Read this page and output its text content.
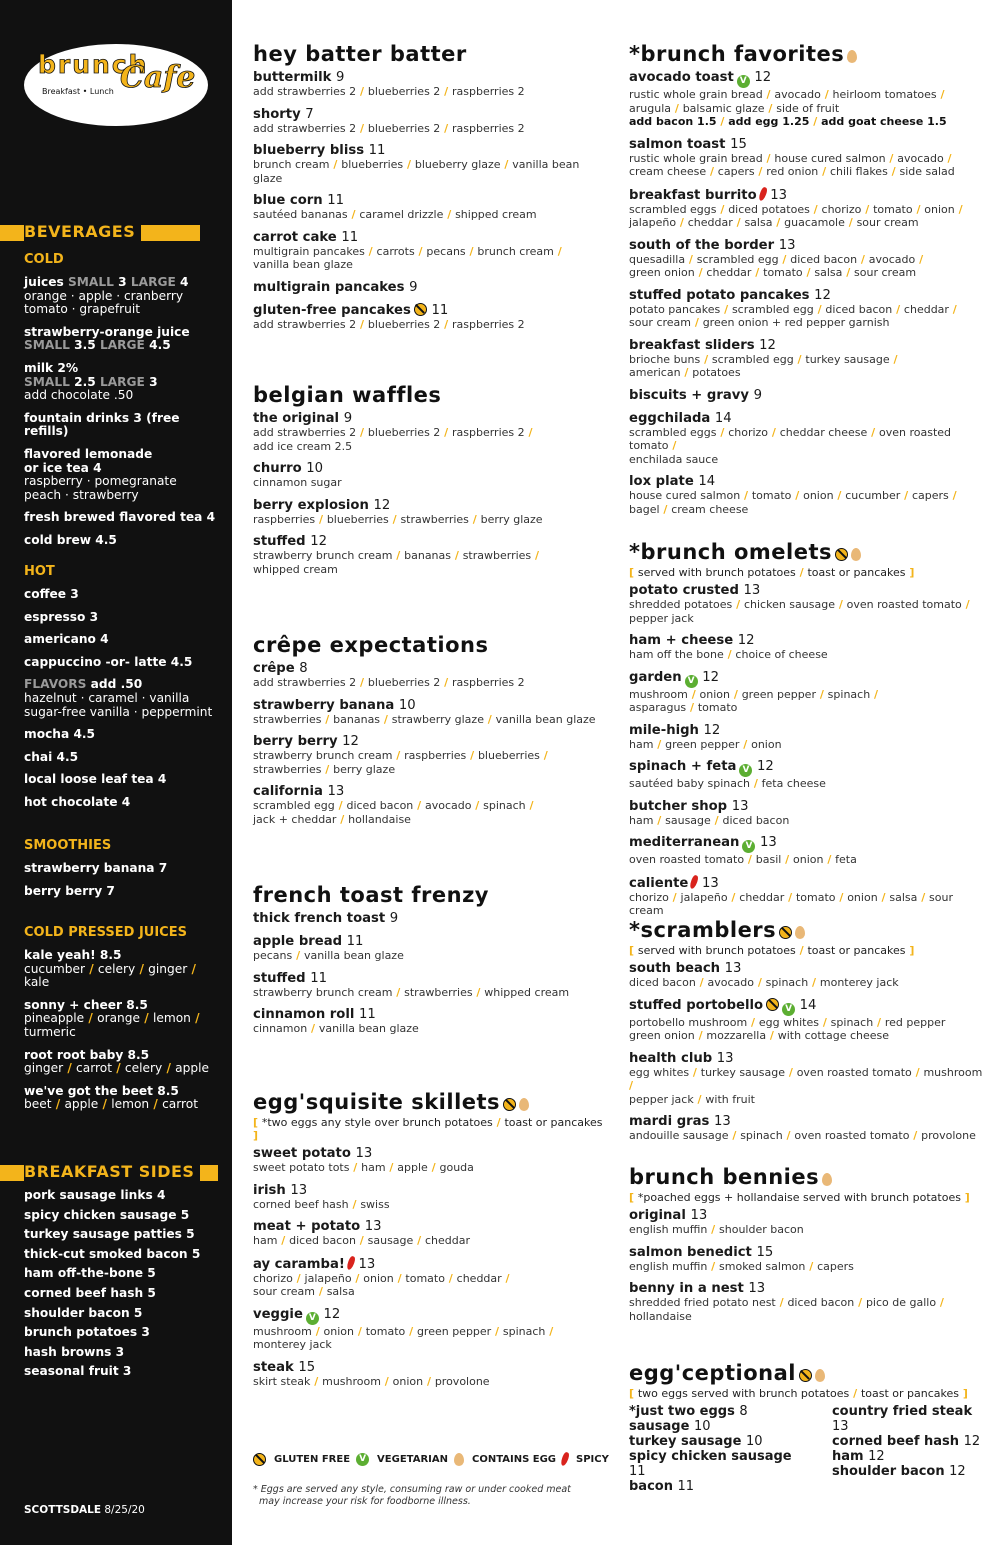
brunch
Cafe
Breakfast • Lunch
BEVERAGES
COLD
juices SMALL 3 LARGE 4
orange · apple · cranberry
tomato · grapefruit
strawberry-orange juice
SMALL 3.5 LARGE 4.5
milk 2%
SMALL 2.5 LARGE 3
add chocolate .50
fountain drinks 3 (free refills)
flavored lemonade
or ice tea 4
raspberry · pomegranate
peach · strawberry
fresh brewed flavored tea 4
cold brew 4.5
HOT
coffee 3
espresso 3
americano 4
cappuccino -or- latte 4.5
FLAVORS add .50
hazelnut · caramel · vanilla
sugar-free vanilla · peppermint
mocha 4.5
chai 4.5
local loose leaf tea 4
hot chocolate 4
SMOOTHIES
strawberry banana 7
berry berry 7
COLD PRESSED JUICES
kale yeah! 8.5
cucumber / celery / ginger /
kale
sonny + cheer 8.5
pineapple / orange / lemon /
turmeric
root root baby 8.5
ginger / carrot / celery / apple
we've got the beet 8.5
beet / apple / lemon / carrot
BREAKFAST SIDES
pork sausage links 4
spicy chicken sausage 5
turkey sausage patties 5
thick-cut smoked bacon 5
ham off-the-bone 5
corned beef hash 5
shoulder bacon 5
brunch potatoes 3
hash browns 3
seasonal fruit 3
SCOTTSDALE 8/25/20
hey batter batter
buttermilk 9
add strawberries 2 / blueberries 2 / raspberries 2
shorty 7
add strawberries 2 / blueberries 2 / raspberries 2
blueberry bliss 11
brunch cream / blueberries / blueberry glaze / vanilla bean glaze
blue corn 11
sautéed bananas / caramel drizzle / shipped cream
carrot cake 11
multigrain pancakes / carrots / pecans / brunch cream /
vanilla bean glaze
multigrain pancakes 9
gluten-free pancakes 11
add strawberries 2 / blueberries 2 / raspberries 2
belgian waffles
the original 9
add strawberries 2 / blueberries 2 / raspberries 2 /
add ice cream 2.5
churro 10
cinnamon sugar
berry explosion 12
raspberries / blueberries / strawberries / berry glaze
stuffed 12
strawberry brunch cream / bananas / strawberries /
whipped cream
crêpe expectations
crêpe 8
add strawberries 2 / blueberries 2 / raspberries 2
strawberry banana 10
strawberries / bananas / strawberry glaze / vanilla bean glaze
berry berry 12
strawberry brunch cream / raspberries / blueberries /
strawberries / berry glaze
california 13
scrambled egg / diced bacon / avocado / spinach /
jack + cheddar / hollandaise
french toast frenzy
thick french toast 9
apple bread 11
pecans / vanilla bean glaze
stuffed 11
strawberry brunch cream / strawberries / whipped cream
cinnamon roll 11
cinnamon / vanilla bean glaze
egg'squisite skillets
[ *two eggs any style over brunch potatoes / toast or pancakes ]
sweet potato 13
sweet potato tots / ham / apple / gouda
irish 13
corned beef hash / swiss
meat + potato 13
ham / diced bacon / sausage / cheddar
ay caramba! 13
chorizo / jalapeño / onion / tomato / cheddar /
sour cream / salsa
veggie V 12
mushroom / onion / tomato / green pepper / spinach /
monterey jack
steak 15
skirt steak / mushroom / onion / provolone
*brunch favorites
avocado toast V 12
rustic whole grain bread / avocado / heirloom tomatoes /
arugula / balsamic glaze / side of fruit
add bacon 1.5 / add egg 1.25 / add goat cheese 1.5
salmon toast 15
rustic whole grain bread / house cured salmon / avocado /
cream cheese / capers / red onion / chili flakes / side salad
breakfast burrito 13
scrambled eggs / diced potatoes / chorizo / tomato / onion /
jalapeño / cheddar / salsa / guacamole / sour cream
south of the border 13
quesadilla / scrambled egg / diced bacon / avocado /
green onion / cheddar / tomato / salsa / sour cream
stuffed potato pancakes 12
potato pancakes / scrambled egg / diced bacon / cheddar /
sour cream / green onion + red pepper garnish
breakfast sliders 12
brioche buns / scrambled egg / turkey sausage /
american / potatoes
biscuits + gravy 9
eggchilada 14
scrambled eggs / chorizo / cheddar cheese / oven roasted tomato /
enchilada sauce
lox plate 14
house cured salmon / tomato / onion / cucumber / capers /
bagel / cream cheese
*brunch omelets
[ served with brunch potatoes / toast or pancakes ]
potato crusted 13
shredded potatoes / chicken sausage / oven roasted tomato /
pepper jack
ham + cheese 12
ham off the bone / choice of cheese
garden V 12
mushroom / onion / green pepper / spinach /
asparagus / tomato
mile-high 12
ham / green pepper / onion
spinach + feta V 12
sautéed baby spinach / feta cheese
butcher shop 13
ham / sausage / diced bacon
mediterranean V 13
oven roasted tomato / basil / onion / feta
caliente 13
chorizo / jalapeño / cheddar / tomato / onion / salsa / sour cream
*scramblers
[ served with brunch potatoes / toast or pancakes ]
south beach 13
diced bacon / avocado / spinach / monterey jack
stuffed portobello V 14
portobello mushroom / egg whites / spinach / red pepper
green onion / mozzarella / with cottage cheese
health club 13
egg whites / turkey sausage / oven roasted tomato / mushroom /
pepper jack / with fruit
mardi gras 13
andouille sausage / spinach / oven roasted tomato / provolone
brunch bennies
[ *poached eggs + hollandaise served with brunch potatoes ]
original 13
english muffin / shoulder bacon
salmon benedict 15
english muffin / smoked salmon / capers
benny in a nest 13
shredded fried potato nest / diced bacon / pico de gallo /
hollandaise
egg'ceptional
[ two eggs served with brunch potatoes / toast or pancakes ]
*just two eggs 8
sausage 10
turkey sausage 10
spicy chicken sausage 11
bacon 11
country fried steak 13
corned beef hash 12
ham 12
shoulder bacon 12
GLUTEN FREE	V	VEGETARIAN CONTAINS EGG SPICY
* Eggs are served any style, consuming raw or under cooked meat
may increase your risk for foodborne illness.
